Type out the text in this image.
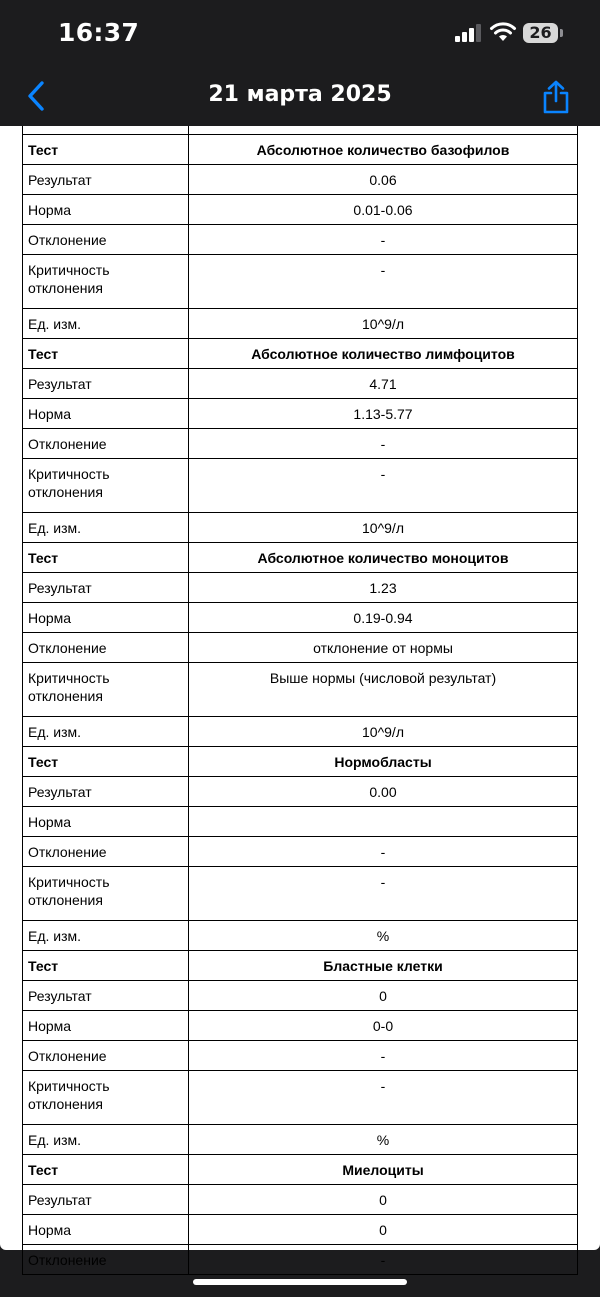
16:37	26
21 марта 2025
Тест	Абсолютное количество базофилов
Результат	0.06
Норма	0.01-0.06
Отклонение	-
Критичность
отклонения	-
Ед. изм.	10^9/л
Тест	Абсолютное количество лимфоцитов
Результат	4.71
Норма	1.13-5.77
Отклонение	-
Критичность
отклонения	-
Ед. изм.	10^9/л
Тест	Абсолютное количество моноцитов
Результат	1.23
Норма	0.19-0.94
Отклонение	отклонение от нормы
Критичность
отклонения	Выше нормы (числовой результат)
Ед. изм.	10^9/л
Тест	Нормобласты
Результат	0.00
Норма	
Отклонение	-
Критичность
отклонения	-
Ед. изм.	%
Тест	Бластные клетки
Результат	0
Норма	0-0
Отклонение	-
Критичность
отклонения	-
Ед. изм.	%
Тест	Миелоциты
Результат	0
Норма	0
Отклонение	-
